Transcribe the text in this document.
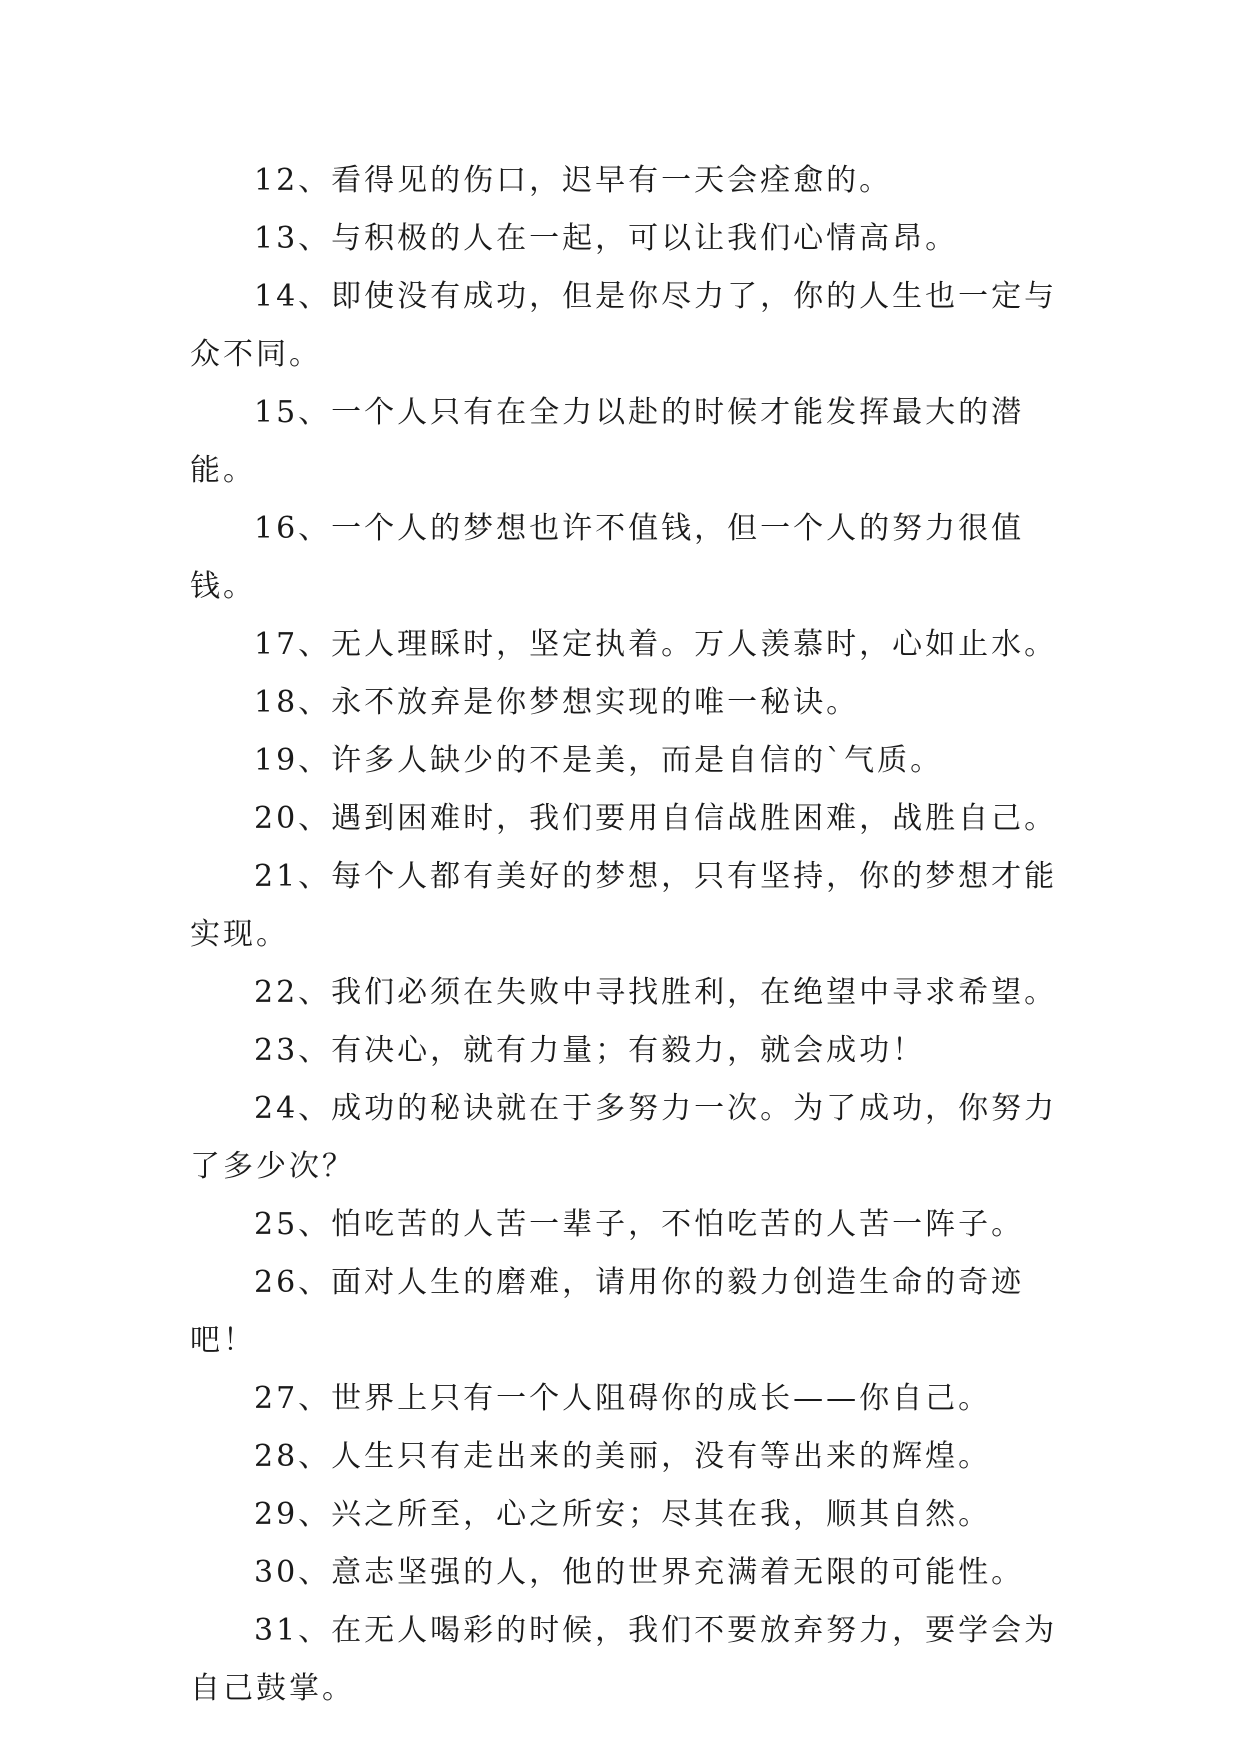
12、看得见的伤口，迟早有一天会痊愈的。

13、与积极的人在一起，可以让我们心情高昂。

14、即使没有成功，但是你尽力了，你的人生也一定与众不同。

15、一个人只有在全力以赴的时候才能发挥最大的潜能。

16、一个人的梦想也许不值钱，但一个人的努力很值钱。

17、无人理睬时，坚定执着。万人羡慕时，心如止水。

18、永不放弃是你梦想实现的唯一秘诀。

19、许多人缺少的不是美，而是自信的`气质。

20、遇到困难时，我们要用自信战胜困难，战胜自己。

21、每个人都有美好的梦想，只有坚持，你的梦想才能实现。

22、我们必须在失败中寻找胜利，在绝望中寻求希望。

23、有决心，就有力量；有毅力，就会成功！

24、成功的秘诀就在于多努力一次。为了成功，你努力了多少次？

25、怕吃苦的人苦一辈子，不怕吃苦的人苦一阵子。

26、面对人生的磨难，请用你的毅力创造生命的奇迹吧！

27、世界上只有一个人阻碍你的成长——你自己。

28、人生只有走出来的美丽，没有等出来的辉煌。

29、兴之所至，心之所安；尽其在我，顺其自然。

30、意志坚强的人，他的世界充满着无限的可能性。

31、在无人喝彩的时候，我们不要放弃努力，要学会为自己鼓掌。
